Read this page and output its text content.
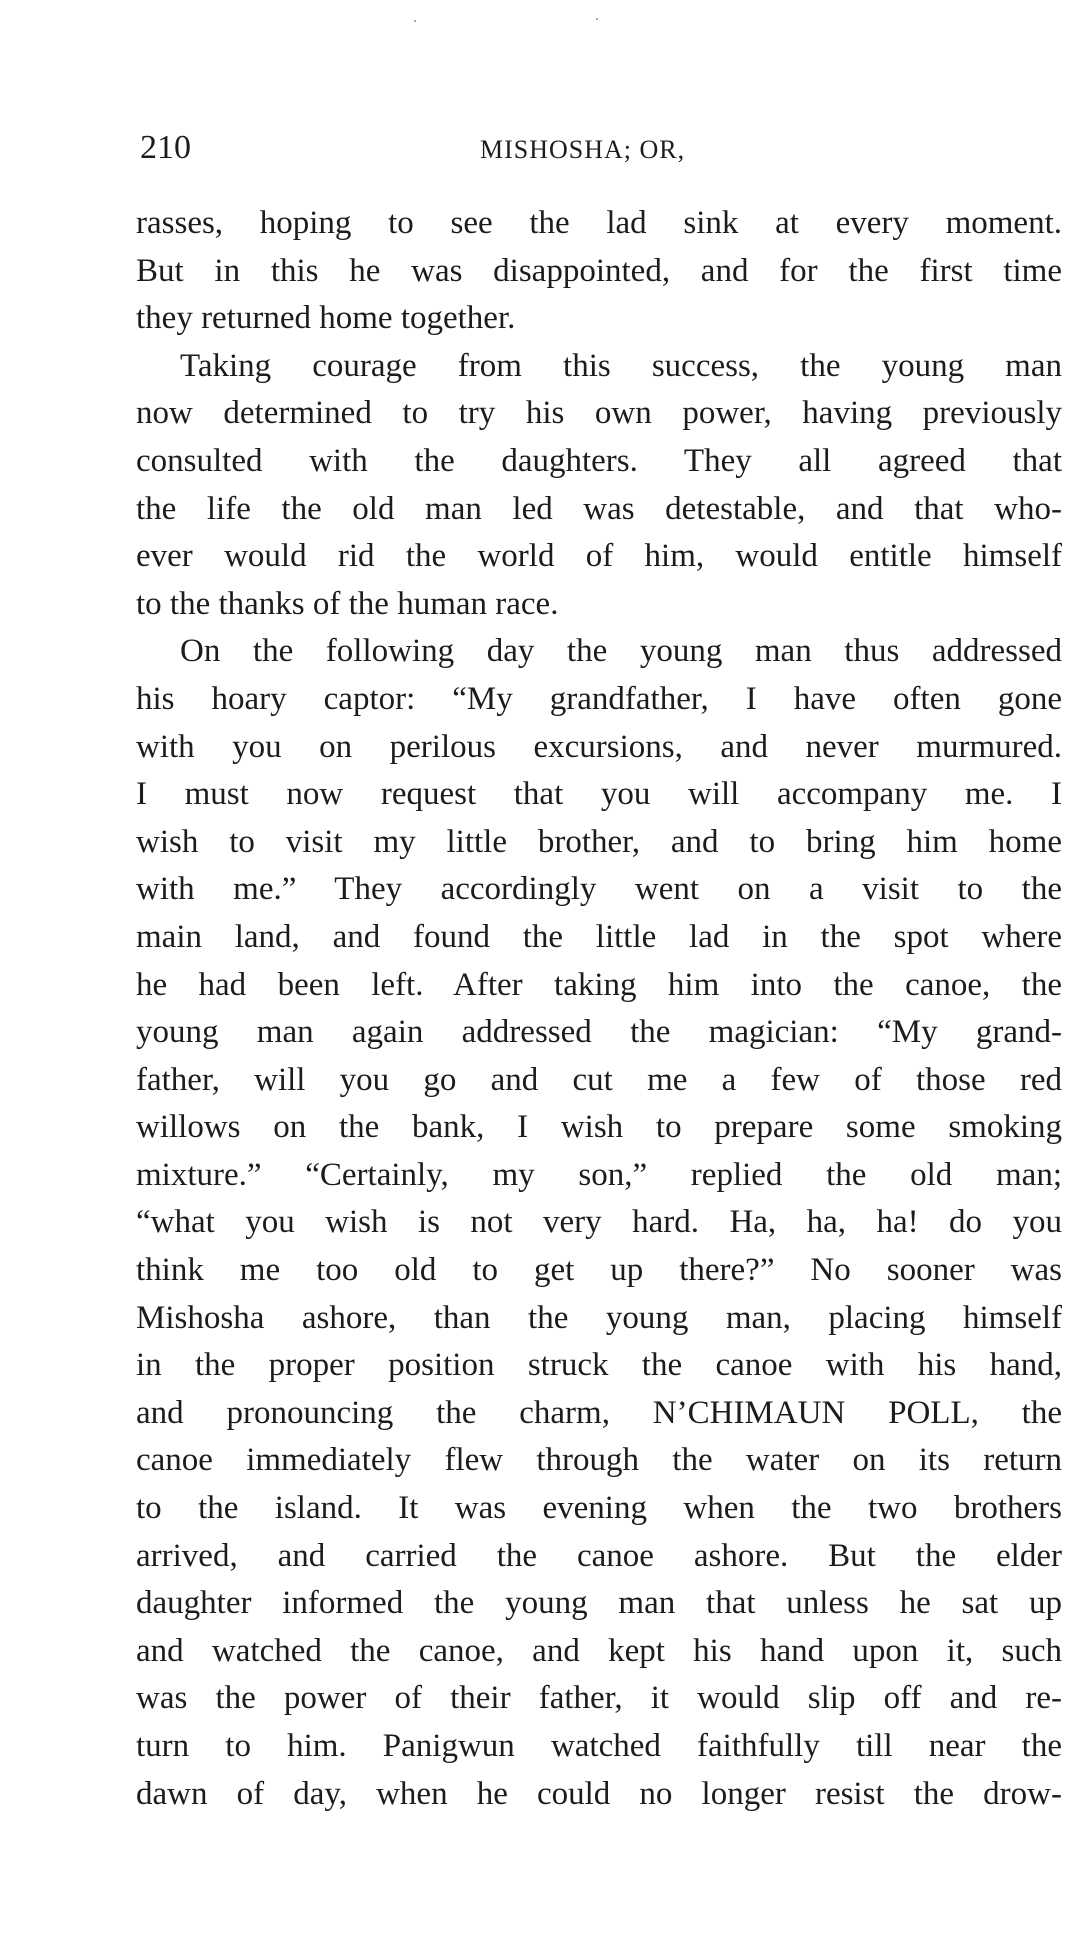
210	MISHOSHA; OR,
rasses, hoping to see the lad sink at every moment.
But in this he was disappointed, and for the first time
they returned home together.
Taking courage from this success, the young man
now determined to try his own power, having previously
consulted with the daughters. They all agreed that
the life the old man led was detestable, and that who-
ever would rid the world of him, would entitle himself
to the thanks of the human race.
On the following day the young man thus addressed
his hoary captor: “My grandfather, I have often gone
with you on perilous excursions, and never murmured.
I must now request that you will accompany me. I
wish to visit my little brother, and to bring him home
with me.” They accordingly went on a visit to the
main land, and found the little lad in the spot where
he had been left. After taking him into the canoe, the
young man again addressed the magician: “My grand-
father, will you go and cut me a few of those red
willows on the bank, I wish to prepare some smoking
mixture.” “Certainly, my son,” replied the old man;
“what you wish is not very hard. Ha, ha, ha! do you
think me too old to get up there?” No sooner was
Mishosha ashore, than the young man, placing himself
in the proper position struck the canoe with his hand,
and pronouncing the charm, N’CHIMAUN POLL, the
canoe immediately flew through the water on its return
to the island. It was evening when the two brothers
arrived, and carried the canoe ashore. But the elder
daughter informed the young man that unless he sat up
and watched the canoe, and kept his hand upon it, such
was the power of their father, it would slip off and re-
turn to him. Panigwun watched faithfully till near the
dawn of day, when he could no longer resist the drow-
